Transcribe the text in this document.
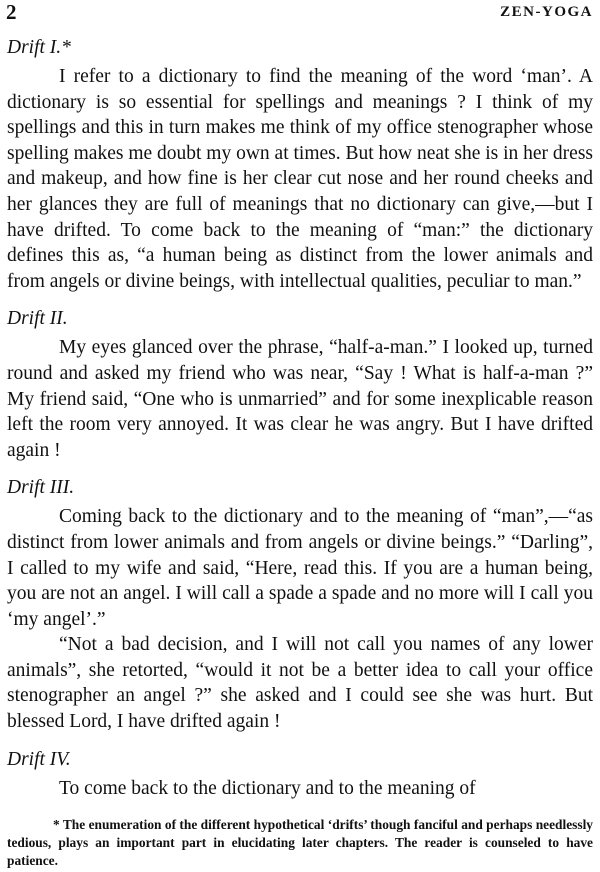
2	ZEN-YOGA
Drift I.*

I refer to a dictionary to find the meaning of the word ‘man’. A dictionary is so essential for spellings and meanings ? I think of my spellings and this in turn makes me think of my office stenographer whose spelling makes me doubt my own at times. But how neat she is in her dress and makeup, and how fine is her clear cut nose and her round cheeks and her glances they are full of meanings that no dictionary can give,—but I have drifted. To come back to the meaning of “man:” the dictionary defines this as, “a human being as distinct from the lower animals and from angels or divine beings, with intellectual qualities, peculiar to man.”

Drift II.

My eyes glanced over the phrase, “half-a-man.” I looked up, turned round and asked my friend who was near, “Say ! What is half-a-man ?” My friend said, “One who is unmarried” and for some inexplicable reason left the room very annoyed. It was clear he was angry. But I have drifted again !

Drift III.

Coming back to the dictionary and to the meaning of “man”,—“as distinct from lower animals and from angels or divine beings.” “Darling”, I called to my wife and said, “Here, read this. If you are a human being, you are not an angel. I will call a spade a spade and no more will I call you ‘my angel’.”

“Not a bad decision, and I will not call you names of any lower animals”, she retorted, “would it not be a better idea to call your office stenographer an angel ?” she asked and I could see she was hurt. But blessed Lord, I have drifted again !

Drift IV.

To come back to the dictionary and to the meaning of

* The enumeration of the different hypothetical ‘drifts’ though fanciful and perhaps needlessly tedious, plays an important part in elucidating later chapters. The reader is counseled to have patience.
